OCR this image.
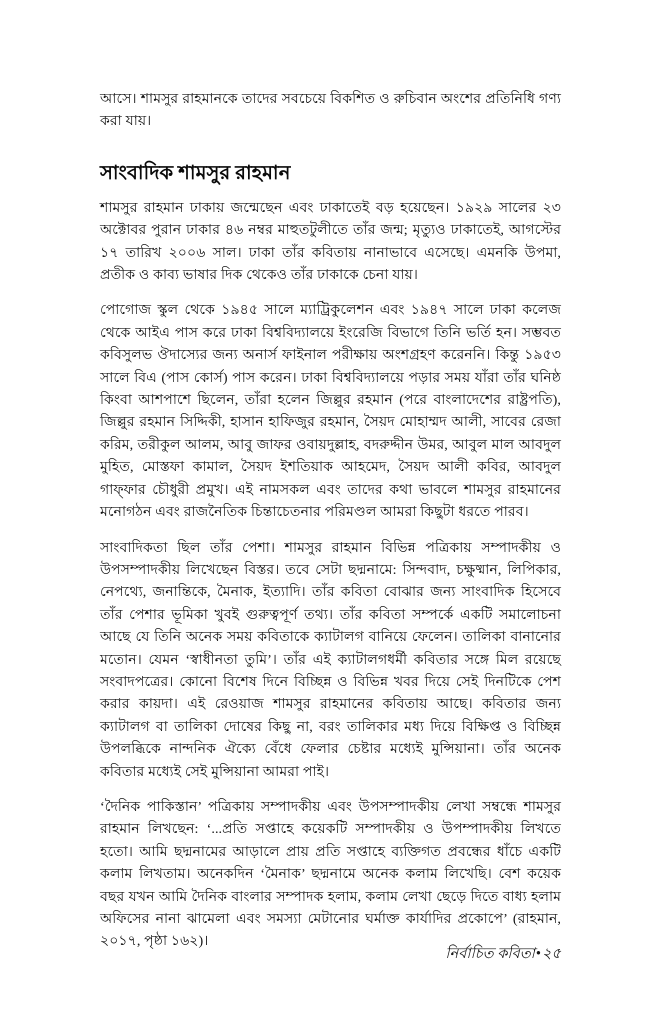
আসে। শামসুর রাহমানকে তাদের সবচেয়ে বিকশিত ও রুচিবান অংশের প্রতিনিধি গণ্য করা যায়।

সাংবাদিক শামসুর রাহমান

শামসুর রাহমান ঢাকায় জন্মেছেন এবং ঢাকাতেই বড় হয়েছেন। ১৯২৯ সালের ২৩ অক্টোবর পুরান ঢাকার ৪৬ নম্বর মাহুতটুলীতে তাঁর জন্ম; মৃত্যুও ঢাকাতেই, আগস্টের ১৭ তারিখ ২০০৬ সাল। ঢাকা তাঁর কবিতায় নানাভাবে এসেছে। এমনকি উপমা, প্রতীক ও কাব্য ভাষার দিক থেকেও তাঁর ঢাকাকে চেনা যায়।

পোগোজ স্কুল থেকে ১৯৪৫ সালে ম্যাট্রিকুলেশন এবং ১৯৪৭ সালে ঢাকা কলেজ থেকে আইএ পাস করে ঢাকা বিশ্ববিদ্যালয়ে ইংরেজি বিভাগে তিনি ভর্তি হন। সম্ভবত কবিসুলভ ঔদাস্যের জন্য অনার্স ফাইনাল পরীক্ষায় অংশগ্রহণ করেননি। কিন্তু ১৯৫৩ সালে বিএ (পাস কোর্স) পাস করেন। ঢাকা বিশ্ববিদ্যালয়ে পড়ার সময় যাঁরা তাঁর ঘনিষ্ঠ কিংবা আশপাশে ছিলেন, তাঁরা হলেন জিল্লুর রহমান (পরে বাংলাদেশের রাষ্ট্রপতি), জিল্লুর রহমান সিদ্দিকী, হাসান হাফিজুর রহমান, সৈয়দ মোহাম্মদ আলী, সাবের রেজা করিম, তরীকুল আলম, আবু জাফর ওবায়দুল্লাহ, বদরুদ্দীন উমর, আবুল মাল আবদুল মুহিত, মোস্তফা কামাল, সৈয়দ ইশতিয়াক আহমেদ, সৈয়দ আলী কবির, আবদুল গাফ্‌ফার চৌধুরী প্রমুখ। এই নামসকল এবং তাদের কথা ভাবলে শামসুর রাহমানের মনোগঠন এবং রাজনৈতিক চিন্তাচেতনার পরিমণ্ডল আমরা কিছুটা ধরতে পারব।

সাংবাদিকতা ছিল তাঁর পেশা। শামসুর রাহমান বিভিন্ন পত্রিকায় সম্পাদকীয় ও উপসম্পাদকীয় লিখেছেন বিস্তর। তবে সেটা ছদ্মনামে: সিন্দবাদ, চক্ষুষ্মান, লিপিকার, নেপথ্যে, জনান্তিকে, মৈনাক, ইত্যাদি। তাঁর কবিতা বোঝার জন্য সাংবাদিক হিসেবে তাঁর পেশার ভূমিকা খুবই গুরুত্বপূর্ণ তথ্য। তাঁর কবিতা সম্পর্কে একটি সমালোচনা আছে যে তিনি অনেক সময় কবিতাকে ক্যাটালগ বানিয়ে ফেলেন। তালিকা বানানোর মতোন। যেমন ‘স্বাধীনতা তুমি’। তাঁর এই ক্যাটালগধর্মী কবিতার সঙ্গে মিল রয়েছে সংবাদপত্রের। কোনো বিশেষ দিনে বিচ্ছিন্ন ও বিভিন্ন খবর দিয়ে সেই দিনটিকে পেশ করার কায়দা। এই রেওয়াজ শামসুর রাহমানের কবিতায় আছে। কবিতার জন্য ক্যাটালগ বা তালিকা দোষের কিছু না, বরং তালিকার মধ্য দিয়ে বিক্ষিপ্ত ও বিচ্ছিন্ন উপলব্ধিকে নান্দনিক ঐক্যে বেঁধে ফেলার চেষ্টার মধ্যেই মুন্সিয়ানা। তাঁর অনেক কবিতার মধ্যেই সেই মুন্সিয়ানা আমরা পাই।

‘দৈনিক পাকিস্তান’ পত্রিকায় সম্পাদকীয় এবং উপসম্পাদকীয় লেখা সম্বন্ধে শামসুর রাহমান লিখছেন: ‘...প্রতি সপ্তাহে কয়েকটি সম্পাদকীয় ও উপম্পাদকীয় লিখতে হতো। আমি ছদ্মনামের আড়ালে প্রায় প্রতি সপ্তাহে ব্যক্তিগত প্রবন্ধের ধাঁচে একটি কলাম লিখতাম। অনেকদিন ‘মৈনাক’ ছদ্মনামে অনেক কলাম লিখেছি। বেশ কয়েক বছর যখন আমি দৈনিক বাংলার সম্পাদক হলাম, কলাম লেখা ছেড়ে দিতে বাধ্য হলাম অফিসের নানা ঝামেলা এবং সমস্যা মেটানোর ঘর্মাক্ত কার্যাদির প্রকোপে’ (রাহমান, ২০১৭, পৃষ্ঠা ১৬২)।

নির্বাচিত কবিতা•২৫
